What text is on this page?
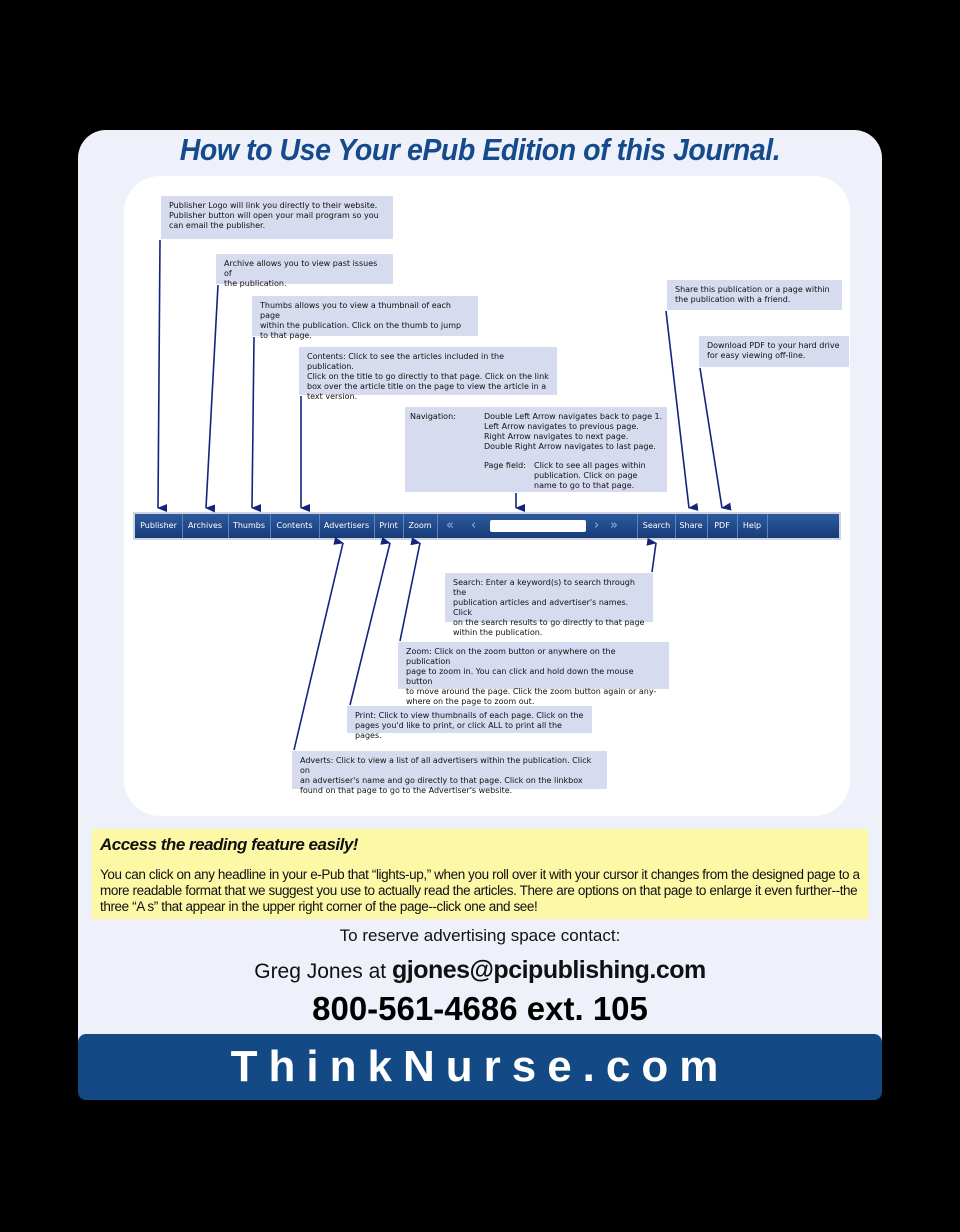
How to Use Your ePub Edition of this Journal.
Publisher Logo will link you directly to their website.
Publisher button will open your mail program so you
can email the publisher.
Archive allows you to view past issues of
the publication.
Thumbs allows you to view a thumbnail of each page
within the publication. Click on the thumb to jump
to that page.
Contents: Click to see the articles included in the publication.
Click on the title to go directly to that page. Click on the link
box over the article title on the page to view the article in a
text version.
Navigation:	Double Left Arrow navigates back to page 1.
Left Arrow navigates to previous page.
Right Arrow navigates to next page.
Double Right Arrow navigates to last page.
Page field: Click to see all pages within
publication. Click on page
name to go to that page.
Share this publication or a page within
the publication with a friend.
Download PDF to your hard drive
for easy viewing off-line.
Search: Enter a keyword(s) to search through the
publication articles and advertiser's names. Click
on the search results to go directly to that page
within the publication.
Zoom: Click on the zoom button or anywhere on the publication
page to zoom in. You can click and hold down the mouse button
to move around the page. Click the zoom button again or any-
where on the page to zoom out.
Print: Click to view thumbnails of each page. Click on the
pages you'd like to print, or click ALL to print all the pages.
Adverts: Click to view a list of all advertisers within the publication. Click on
an advertiser's name and go directly to that page. Click on the linkbox
found on that page to go to the Advertiser's website.
Publisher	Archives	Thumbs	Contents	Advertisers	Print	Zoom	« ‹	› »	Search	Share	PDF	Help
Access the reading feature easily!
You can click on any headline in your e-Pub that “lights-up,” when you roll over it with your cursor it changes from the designed page to a more readable format that we suggest you use to actually read the articles. There are options on that page to enlarge it even further--the three “A s” that appear in the upper right corner of the page--click one and see!
To reserve advertising space contact:
Greg Jones at gjones@pcipublishing.com
800-561-4686 ext. 105
ThinkNurse.com
